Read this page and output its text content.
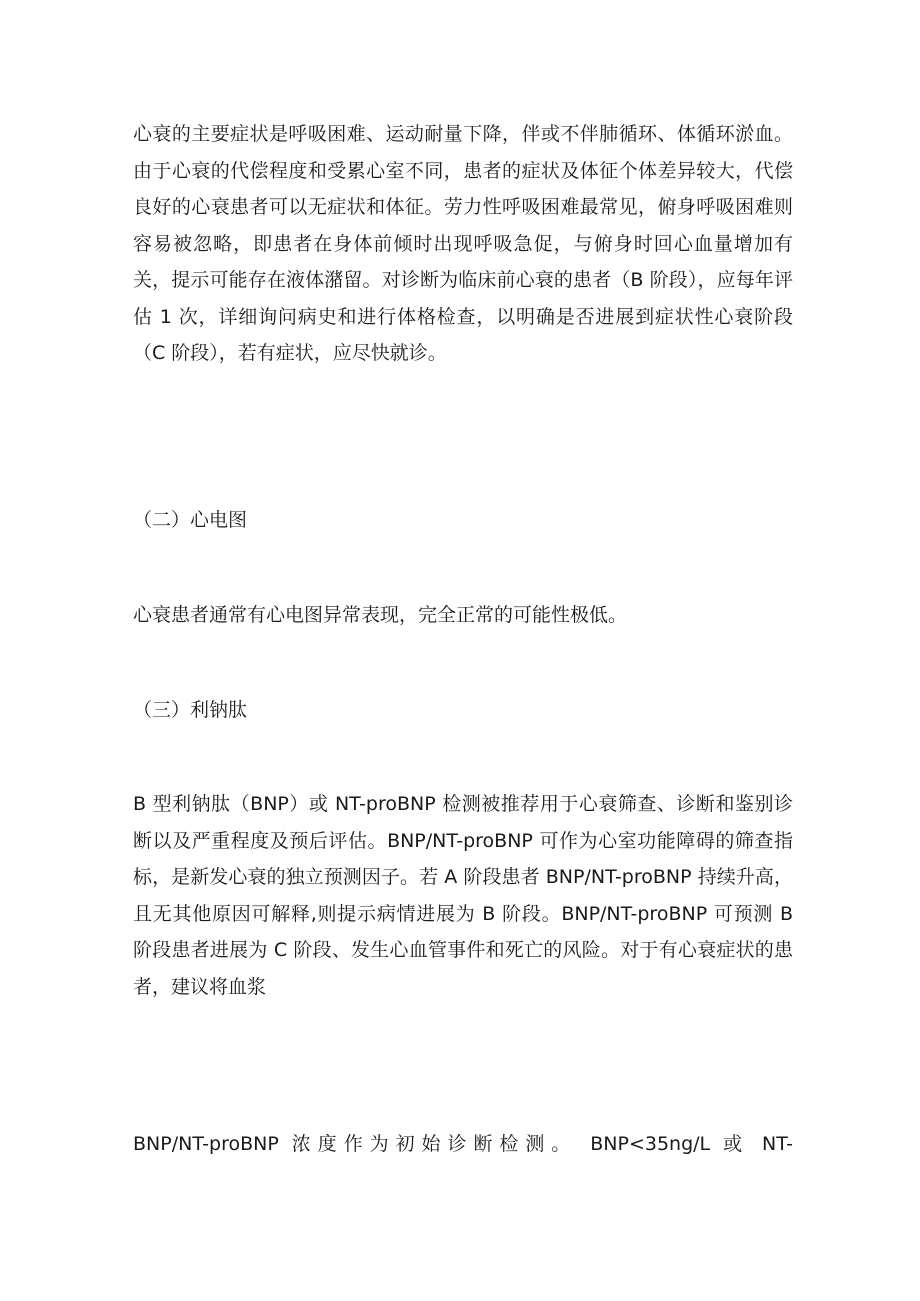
心衰的主要症状是呼吸困难、运动耐量下降，伴或不伴肺循环、体循环淤血。由于心衰的代偿程度和受累心室不同，患者的症状及体征个体差异较大，代偿良好的心衰患者可以无症状和体征。劳力性呼吸困难最常见，俯身呼吸困难则容易被忽略，即患者在身体前倾时出现呼吸急促，与俯身时回心血量增加有关，提示可能存在液体潴留。对诊断为临床前心衰的患者（B 阶段），应每年评估 1 次，详细询问病史和进行体格检查，以明确是否进展到症状性心衰阶段（C 阶段），若有症状，应尽快就诊。

（二）心电图

心衰患者通常有心电图异常表现，完全正常的可能性极低。

（三）利钠肽

B 型利钠肽（BNP）或 NT-proBNP 检测被推荐用于心衰筛查、诊断和鉴别诊断以及严重程度及预后评估。BNP/NT-proBNP 可作为心室功能障碍的筛查指标，是新发心衰的独立预测因子。若 A 阶段患者 BNP/NT-proBNP 持续升高，且无其他原因可解释,则提示病情进展为 B 阶段。BNP/NT-proBNP 可预测 B 阶段患者进展为 C 阶段、发生心血管事件和死亡的风险。对于有心衰症状的患者，建议将血浆

BNP/NT-proBNP 浓度作为初始诊断检测。 BNP<35ng/L 或 NT-
